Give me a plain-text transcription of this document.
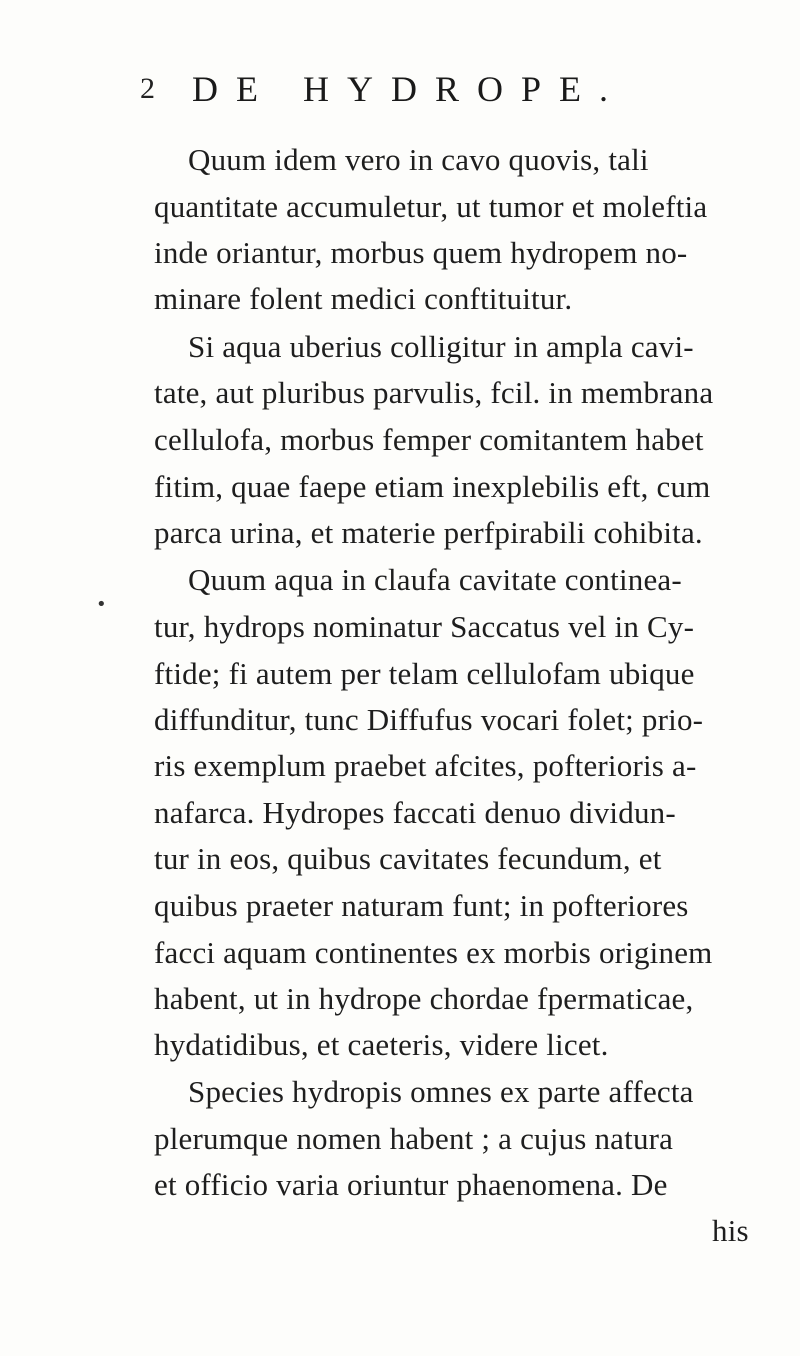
2 DE HYDROPE.
•
Quum idem vero in cavo quovis, tali
quantitate accumuletur, ut tumor et moleftia
inde oriantur, morbus quem hydropem no-
minare folent medici conftituitur.
Si aqua uberius colligitur in ampla cavi-
tate, aut pluribus parvulis, fcil. in membrana
cellulofa, morbus femper comitantem habet
fitim, quae faepe etiam inexplebilis eft, cum
parca urina, et materie perfpirabili cohibita.
Quum aqua in claufa cavitate continea-
tur, hydrops nominatur Saccatus vel in Cy-
ftide; fi autem per telam cellulofam ubique
diffunditur, tunc Diffufus vocari folet; prio-
ris exemplum praebet afcites, pofterioris a-
nafarca. Hydropes faccati denuo dividun-
tur in eos, quibus cavitates fecundum, et
quibus praeter naturam funt; in pofteriores
facci aquam continentes ex morbis originem
habent, ut in hydrope chordae fpermaticae,
hydatidibus, et caeteris, videre licet.
Species hydropis omnes ex parte affecta
plerumque nomen habent ; a cujus natura
et officio varia oriuntur phaenomena. De
his
